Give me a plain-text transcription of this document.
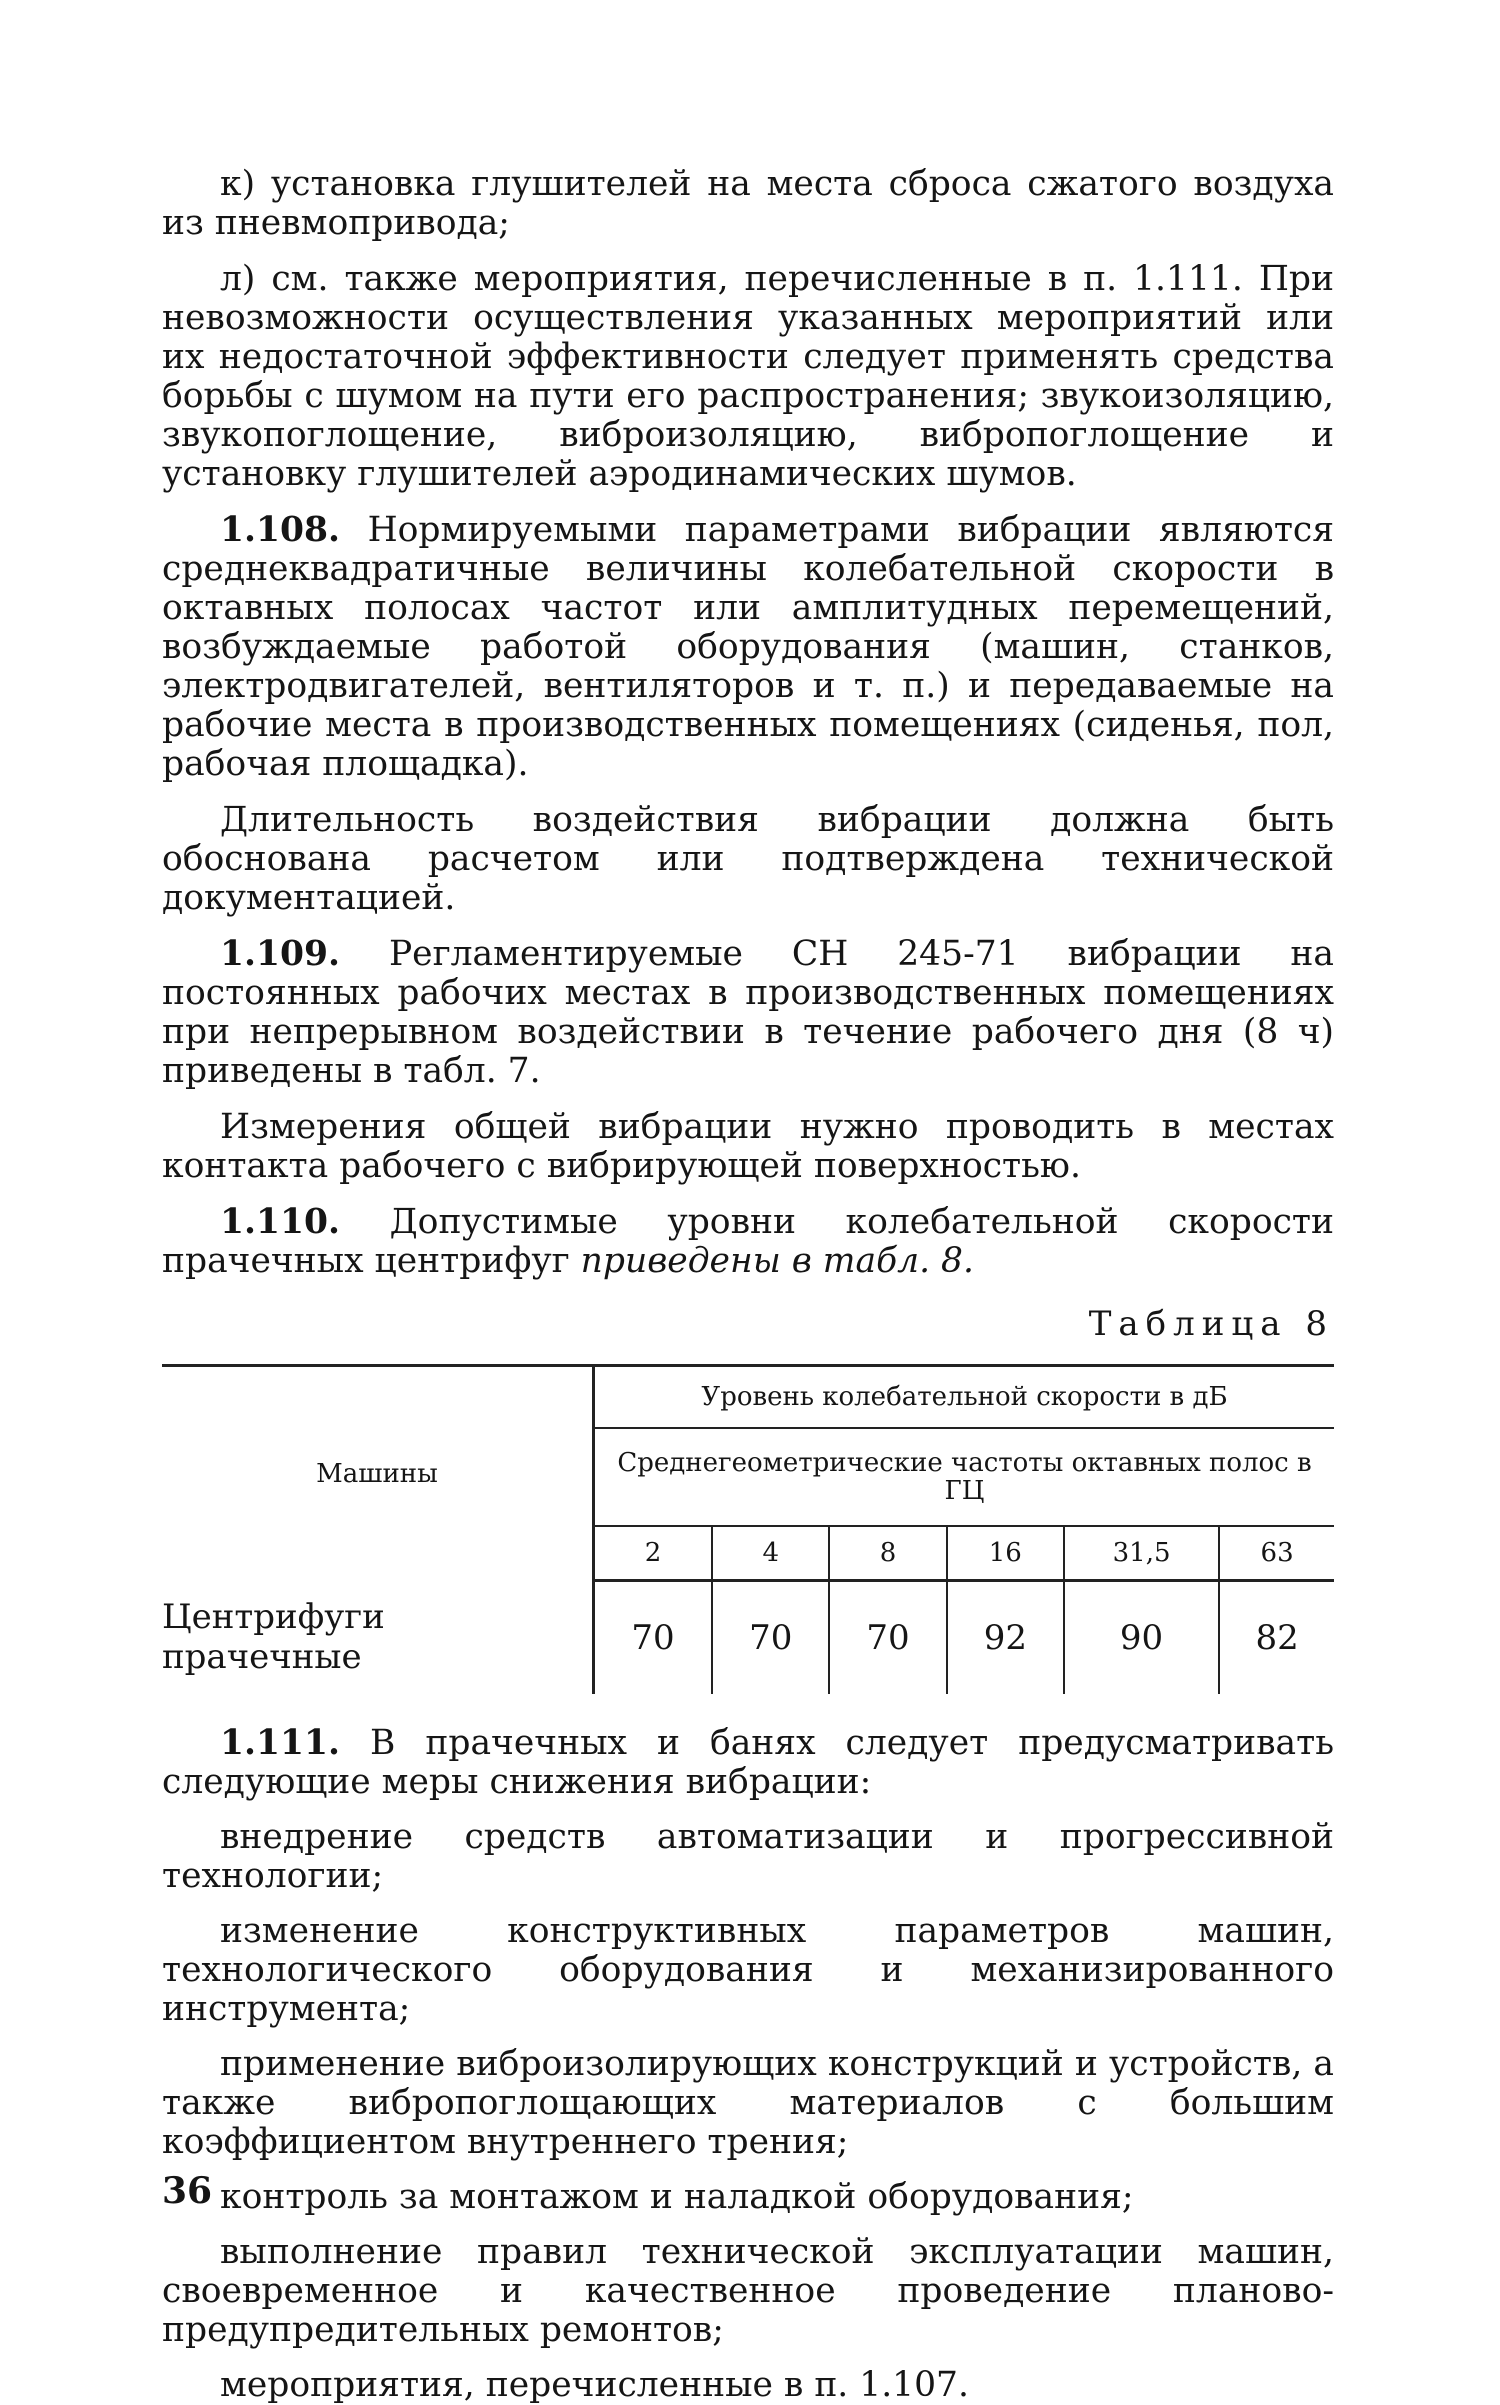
к) установка глушителей на места сброса сжатого воздуха из пневмопривода;

л) см. также мероприятия, перечисленные в п. 1.111. При невозможности осуществления указанных мероприятий или их недостаточной эффективности следует применять средства борьбы с шумом на пути его распространения; звукоизоляцию, звукопоглощение, виброизоляцию, вибропоглощение и установку глушителей аэродинамических шумов.

1.108. Нормируемыми параметрами вибрации являются среднеквадратичные величины колебательной скорости в октавных полосах частот или амплитудных перемещений, возбуждаемые работой оборудования (машин, станков, электродвигателей, вентиляторов и т. п.) и передаваемые на рабочие места в производственных помещениях (сиденья, пол, рабочая площадка).

Длительность воздействия вибрации должна быть обоснована расчетом или подтверждена технической документацией.

1.109. Регламентируемые СН 245-71 вибрации на постоянных рабочих местах в производственных помещениях при непрерывном воздействии в течение рабочего дня (8 ч) приведены в табл. 7.

Измерения общей вибрации нужно проводить в местах контакта рабочего с вибрирующей поверхностью.

1.110. Допустимые уровни колебательной скорости прачечных центрифуг приведены в табл. 8.

Таблица 8

Машины	Уровень колебательной скорости в дБ					
	Среднегеометрические частоты октавных полос в ГЦ					
	2	4	8	16	31,5	63
Центрифуги прачечные	70	70	70	92	90	82

1.111. В прачечных и банях следует предусматривать следующие меры снижения вибрации:

внедрение средств автоматизации и прогрессивной технологии;

изменение конструктивных параметров машин, технологического оборудования и механизированного инструмента;

применение виброизолирующих конструкций и устройств, а также вибропоглощающих материалов с большим коэффициентом внутреннего трения;

контроль за монтажом и наладкой оборудования;

выполнение правил технической эксплуатации машин, своевременное и качественное проведение планово-предупредительных ремонтов;

мероприятия, перечисленные в п. 1.107.

36
